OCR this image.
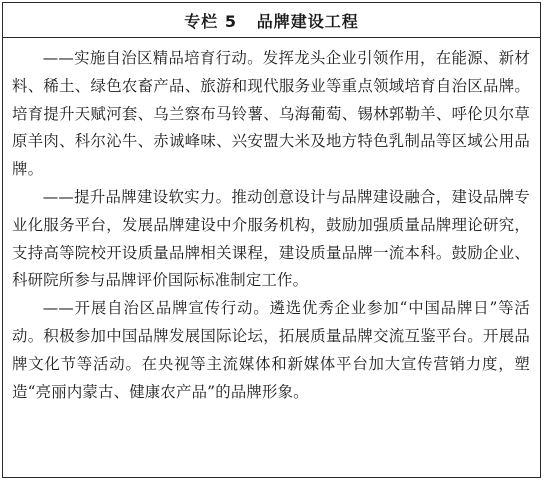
专栏 5   品牌建设工程

——实施自治区精品培育行动。发挥龙头企业引领作用，在能源、新材料、稀土、绿色农畜产品、旅游和现代服务业等重点领域培育自治区品牌。培育提升天赋河套、乌兰察布马铃薯、乌海葡萄、锡林郭勒羊、呼伦贝尔草原羊肉、科尔沁牛、赤诚峰味、兴安盟大米及地方特色乳制品等区域公用品牌。

——提升品牌建设软实力。推动创意设计与品牌建设融合，建设品牌专业化服务平台，发展品牌建设中介服务机构，鼓励加强质量品牌理论研究，支持高等院校开设质量品牌相关课程，建设质量品牌一流本科。鼓励企业、科研院所参与品牌评价国际标准制定工作。

——开展自治区品牌宣传行动。遴选优秀企业参加“中国品牌日”等活动。积极参加中国品牌发展国际论坛，拓展质量品牌交流互鉴平台。开展品牌文化节等活动。在央视等主流媒体和新媒体平台加大宣传营销力度，塑造“亮丽内蒙古、健康农产品”的品牌形象。
